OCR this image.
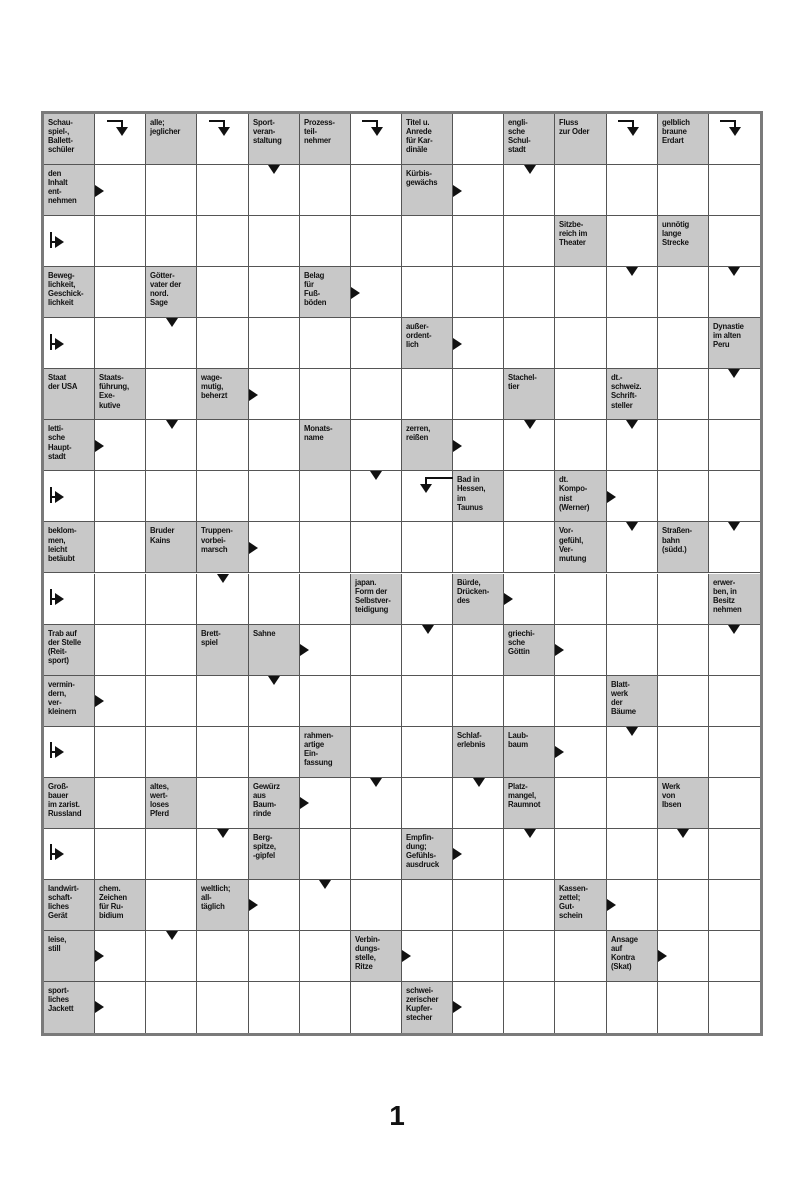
Schau-
spiel-,
Ballett-
schüler
alle;
jeglicher
Sport-
veran-
staltung
Prozess-
teil-
nehmer
Titel u.
Anrede
für Kar-
dinäle
engli-
sche
Schul-
stadt
Fluss
zur Oder
gelblich
braune
Erdart
den
Inhalt
ent-
nehmen
Kürbis-
gewächs
Sitzbe-
reich im
Theater
unnötig
lange
Strecke
Beweg-
lichkeit,
Geschick-
lichkeit
Götter-
vater der
nord.
Sage
Belag
für
Fuß-
böden
außer-
ordent-
lich
Dynastie
im alten
Peru
Staat
der USA
Staats-
führung,
Exe-
kutive
wage-
mutig,
beherzt
Stachel-
tier
dt.-
schweiz.
Schrift-
steller
letti-
sche
Haupt-
stadt
Monats-
name
zerren,
reißen
Bad in
Hessen,
im
Taunus
dt.
Kompo-
nist
(Werner)
beklom-
men,
leicht
betäubt
Bruder
Kains
Truppen-
vorbei-
marsch
Vor-
gefühl,
Ver-
mutung
Straßen-
bahn
(südd.)
japan.
Form der
Selbstver-
teidigung
Bürde,
Drücken-
des
erwer-
ben, in
Besitz
nehmen
Trab auf
der Stelle
(Reit-
sport)
Brett-
spiel
Sahne	griechi-
sche
Göttin
vermin-
dern,
ver-
kleinern
Blatt-
werk
der
Bäume
rahmen-
artige
Ein-
fassung
Schlaf-
erlebnis
Laub-
baum
Groß-
bauer
im zarist.
Russland
altes,
wert-
loses
Pferd
Gewürz
aus
Baum-
rinde
Platz-
mangel,
Raumnot
Werk
von
Ibsen
Berg-
spitze,
-gipfel
Empfin-
dung;
Gefühls-
ausdruck
landwirt-
schaft-
liches
Gerät
chem.
Zeichen
für Ru-
bidium
weltlich;
all-
täglich
Kassen-
zettel;
Gut-
schein
leise,
still
Verbin-
dungs-
stelle,
Ritze
Ansage
auf
Kontra
(Skat)
sport-
liches
Jackett
schwei-
zerischer
Kupfer-
stecher
1
